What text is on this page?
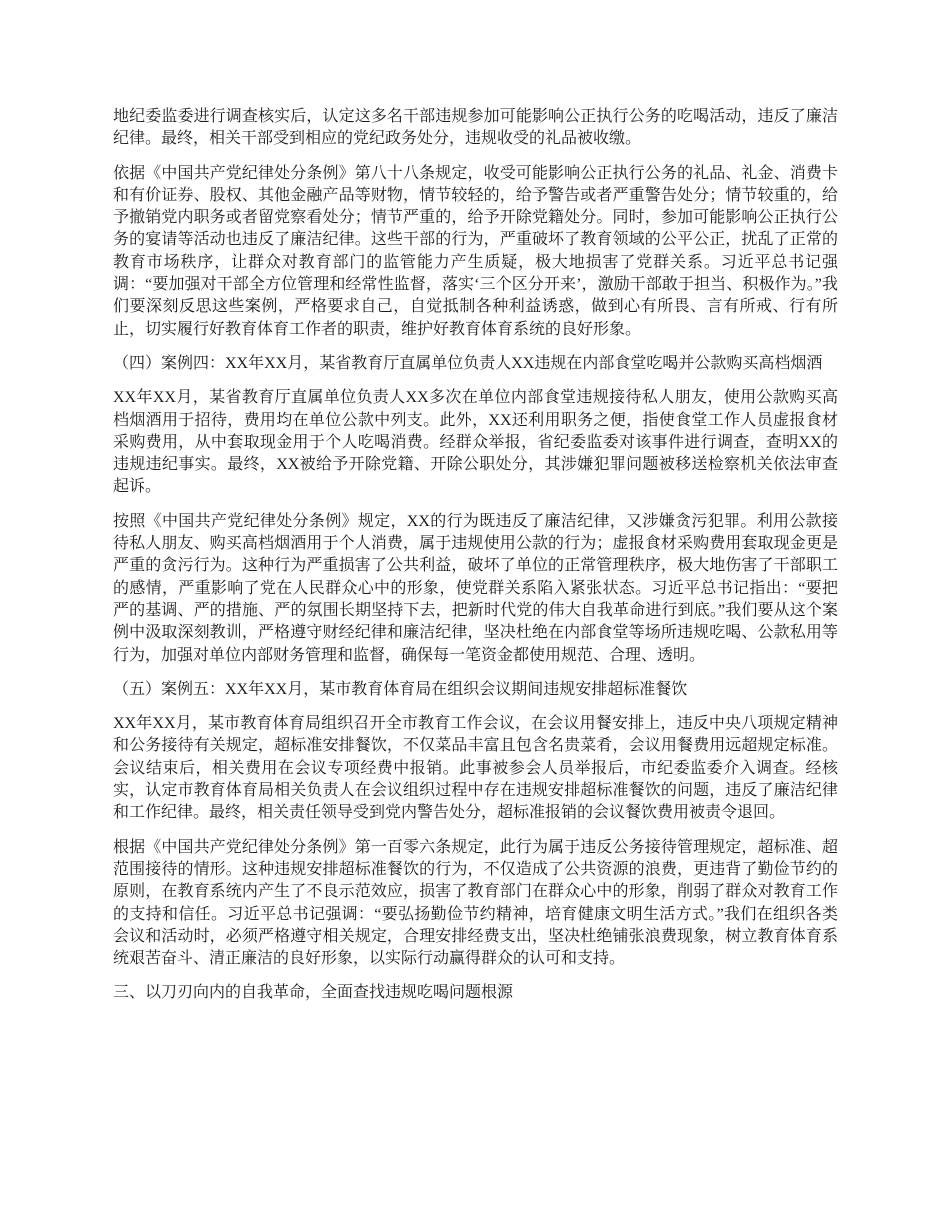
地纪委监委进行调查核实后，认定这多名干部违规参加可能影响公正执行公务的吃喝活动，违反了廉洁纪律。最终，相关干部受到相应的党纪政务处分，违规收受的礼品被收缴。

依据《中国共产党纪律处分条例》第八十八条规定，收受可能影响公正执行公务的礼品、礼金、消费卡和有价证券、股权、其他金融产品等财物，情节较轻的，给予警告或者严重警告处分；情节较重的，给予撤销党内职务或者留党察看处分；情节严重的，给予开除党籍处分。同时，参加可能影响公正执行公务的宴请等活动也违反了廉洁纪律。这些干部的行为，严重破坏了教育领域的公平公正，扰乱了正常的教育市场秩序，让群众对教育部门的监管能力产生质疑，极大地损害了党群关系。习近平总书记强调：“要加强对干部全方位管理和经常性监督，落实‘三个区分开来’，激励干部敢于担当、积极作为。”我们要深刻反思这些案例，严格要求自己，自觉抵制各种利益诱惑，做到心有所畏、言有所戒、行有所止，切实履行好教育体育工作者的职责，维护好教育体育系统的良好形象。

（四）案例四：XX年XX月，某省教育厅直属单位负责人XX违规在内部食堂吃喝并公款购买高档烟酒

XX年XX月，某省教育厅直属单位负责人XX多次在单位内部食堂违规接待私人朋友，使用公款购买高档烟酒用于招待，费用均在单位公款中列支。此外，XX还利用职务之便，指使食堂工作人员虚报食材采购费用，从中套取现金用于个人吃喝消费。经群众举报，省纪委监委对该事件进行调查，查明XX的违规违纪事实。最终，XX被给予开除党籍、开除公职处分，其涉嫌犯罪问题被移送检察机关依法审查起诉。

按照《中国共产党纪律处分条例》规定，XX的行为既违反了廉洁纪律，又涉嫌贪污犯罪。利用公款接待私人朋友、购买高档烟酒用于个人消费，属于违规使用公款的行为；虚报食材采购费用套取现金更是严重的贪污行为。这种行为严重损害了公共利益，破坏了单位的正常管理秩序，极大地伤害了干部职工的感情，严重影响了党在人民群众心中的形象，使党群关系陷入紧张状态。习近平总书记指出：“要把严的基调、严的措施、严的氛围长期坚持下去，把新时代党的伟大自我革命进行到底。”我们要从这个案例中汲取深刻教训，严格遵守财经纪律和廉洁纪律，坚决杜绝在内部食堂等场所违规吃喝、公款私用等行为，加强对单位内部财务管理和监督，确保每一笔资金都使用规范、合理、透明。

（五）案例五：XX年XX月，某市教育体育局在组织会议期间违规安排超标准餐饮

XX年XX月，某市教育体育局组织召开全市教育工作会议，在会议用餐安排上，违反中央八项规定精神和公务接待有关规定，超标准安排餐饮，不仅菜品丰富且包含名贵菜肴，会议用餐费用远超规定标准。会议结束后，相关费用在会议专项经费中报销。此事被参会人员举报后，市纪委监委介入调查。经核实，认定市教育体育局相关负责人在会议组织过程中存在违规安排超标准餐饮的问题，违反了廉洁纪律和工作纪律。最终，相关责任领导受到党内警告处分，超标准报销的会议餐饮费用被责令退回。

根据《中国共产党纪律处分条例》第一百零六条规定，此行为属于违反公务接待管理规定，超标准、超范围接待的情形。这种违规安排超标准餐饮的行为，不仅造成了公共资源的浪费，更违背了勤俭节约的原则，在教育系统内产生了不良示范效应，损害了教育部门在群众心中的形象，削弱了群众对教育工作的支持和信任。习近平总书记强调：“要弘扬勤俭节约精神，培育健康文明生活方式。”我们在组织各类会议和活动时，必须严格遵守相关规定，合理安排经费支出，坚决杜绝铺张浪费现象，树立教育体育系统艰苦奋斗、清正廉洁的良好形象，以实际行动赢得群众的认可和支持。

三、以刀刃向内的自我革命，全面查找违规吃喝问题根源
